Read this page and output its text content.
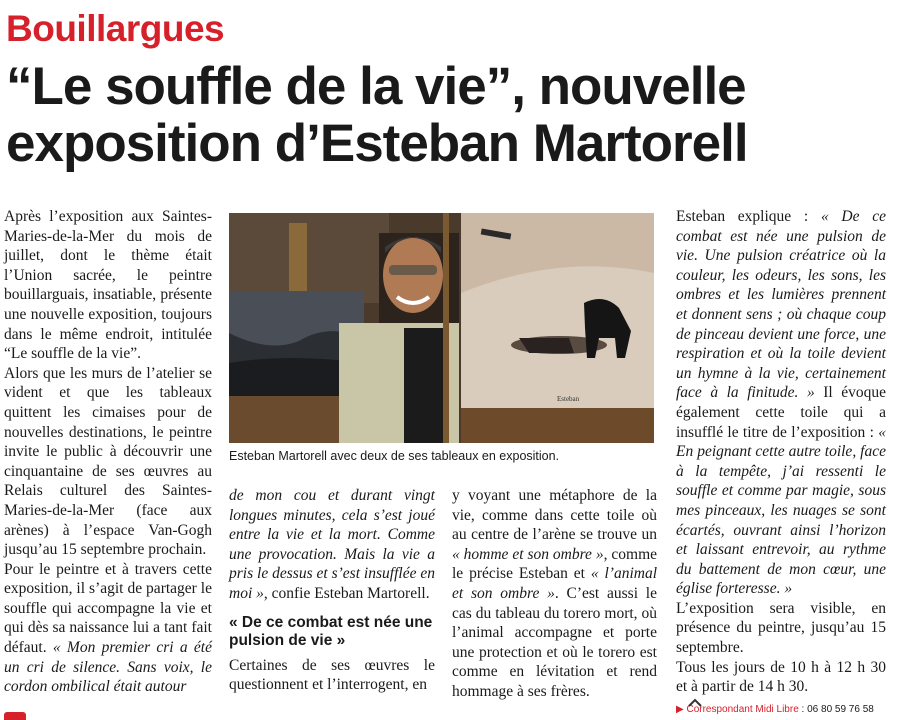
Bouillargues
“Le souffle de la vie”, nouvelle exposition d’Esteban Martorell

Après l’exposition aux Saintes-Maries-de-la-Mer du mois de juillet, dont le thème était l’Union sacrée, le peintre bouillarguais, insatiable, présente une nouvelle exposition, toujours dans le même endroit, intitulée “Le souffle de la vie”.

Alors que les murs de l’atelier se vident et que les tableaux quittent les cimaises pour de nouvelles destinations, le peintre invite le public à découvrir une cinquantaine de ses œuvres au Relais culturel des Saintes-Maries-de-la-Mer (face aux arènes) à l’espace Van-Gogh jusqu’au 15 septembre prochain.

Pour le peintre et à travers cette exposition, il s’agit de partager le souffle qui accompagne la vie et qui dès sa naissance lui a tant fait défaut. « Mon premier cri a été un cri de silence. Sans voix, le cordon ombilical était autour

Esteban
Esteban Martorell avec deux de ses tableaux en exposition.

de mon cou et durant vingt longues minutes, cela s’est joué entre la vie et la mort. Comme une provocation. Mais la vie a pris le dessus et s’est insufflée en moi », confie Esteban Martorell.

« De ce combat est née une pulsion de vie »

Certaines de ses œuvres le questionnent et l’interrogent, en

y voyant une métaphore de la vie, comme dans cette toile où au centre de l’arène se trouve un « homme et son ombre », comme le précise Esteban et « l’animal et son ombre ». C’est aussi le cas du tableau du torero mort, où l’animal accompagne et porte une protection et où le torero est comme en lévitation et rend hommage à ses frères.

Esteban explique : « De ce combat est née une pulsion de vie. Une pulsion créatrice où la couleur, les odeurs, les sons, les ombres et les lumières prennent et donnent sens ; où chaque coup de pinceau devient une force, une respiration et où la toile devient un hymne à la vie, certainement face à la finitude. » Il évoque également cette toile qui a insufflé le titre de l’exposition : « En peignant cette autre toile, face à la tempête, j’ai ressenti le souffle et comme par magie, sous mes pinceaux, les nuages se sont écartés, ouvrant ainsi l’horizon et laissant entrevoir, au rythme du battement de mon cœur, une église forteresse. »

L’exposition sera visible, en présence du peintre, jusqu’au 15 septembre.

Tous les jours de 10 h à 12 h 30 et à partir de 14 h 30.

▶ Correspondant Midi Libre : 06 80 59 76 58
